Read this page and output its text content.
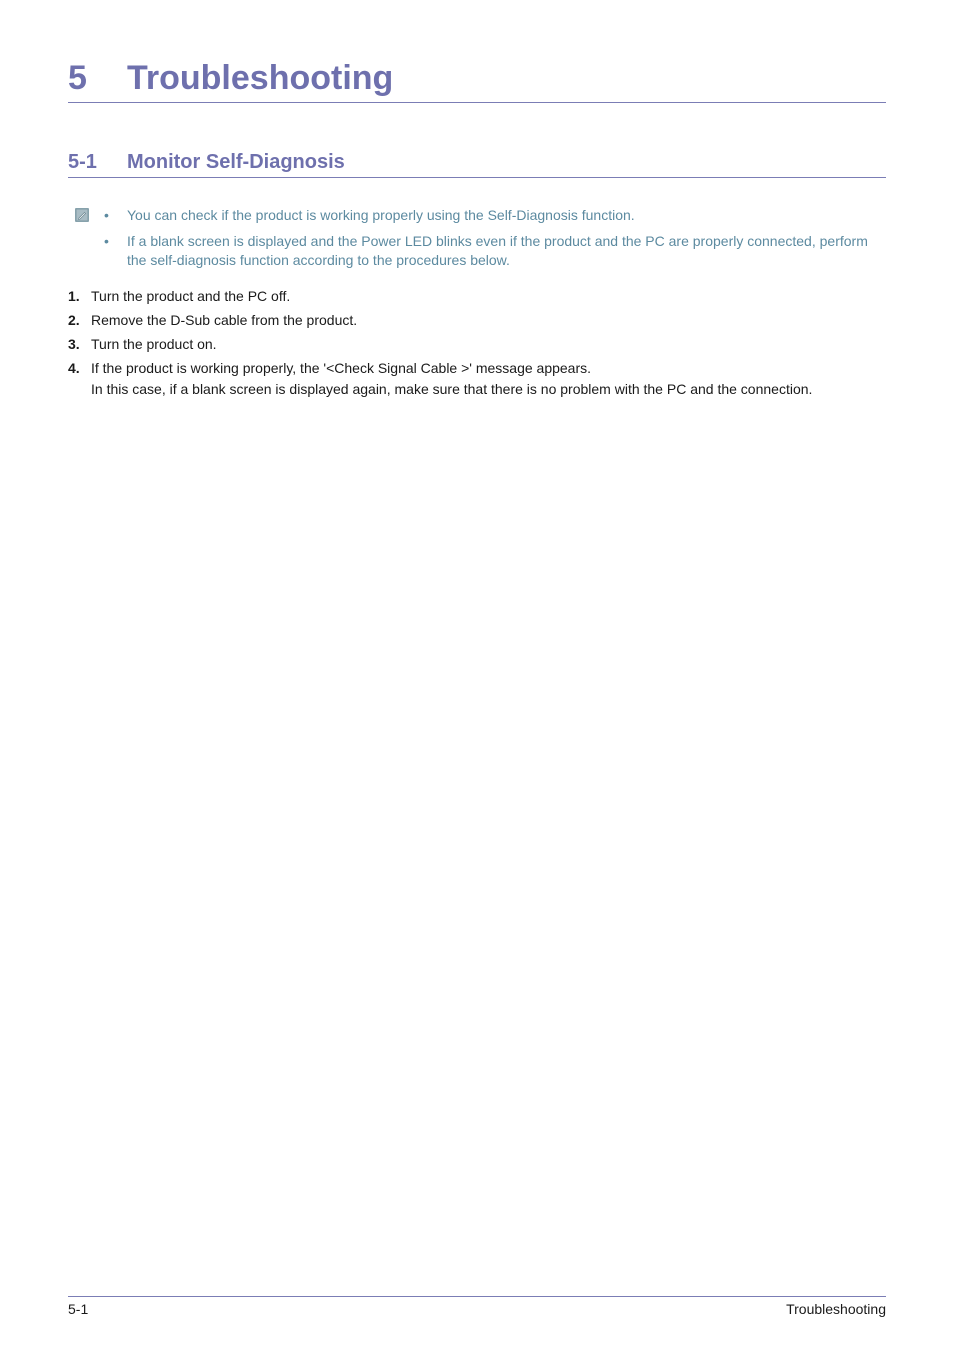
5	Troubleshooting
5-1	Monitor Self-Diagnosis
• You can check if the product is working properly using the Self-Diagnosis function.
• If a blank screen is displayed and the Power LED blinks even if the product and the PC are properly connected, perform the self-diagnosis function according to the procedures below.
1. Turn the product and the PC off.
2. Remove the D-Sub cable from the product.
3. Turn the product on.
4. If the product is working properly, the '<Check Signal Cable >' message appears.
In this case, if a blank screen is displayed again, make sure that there is no problem with the PC and the connection.
5-1	Troubleshooting
